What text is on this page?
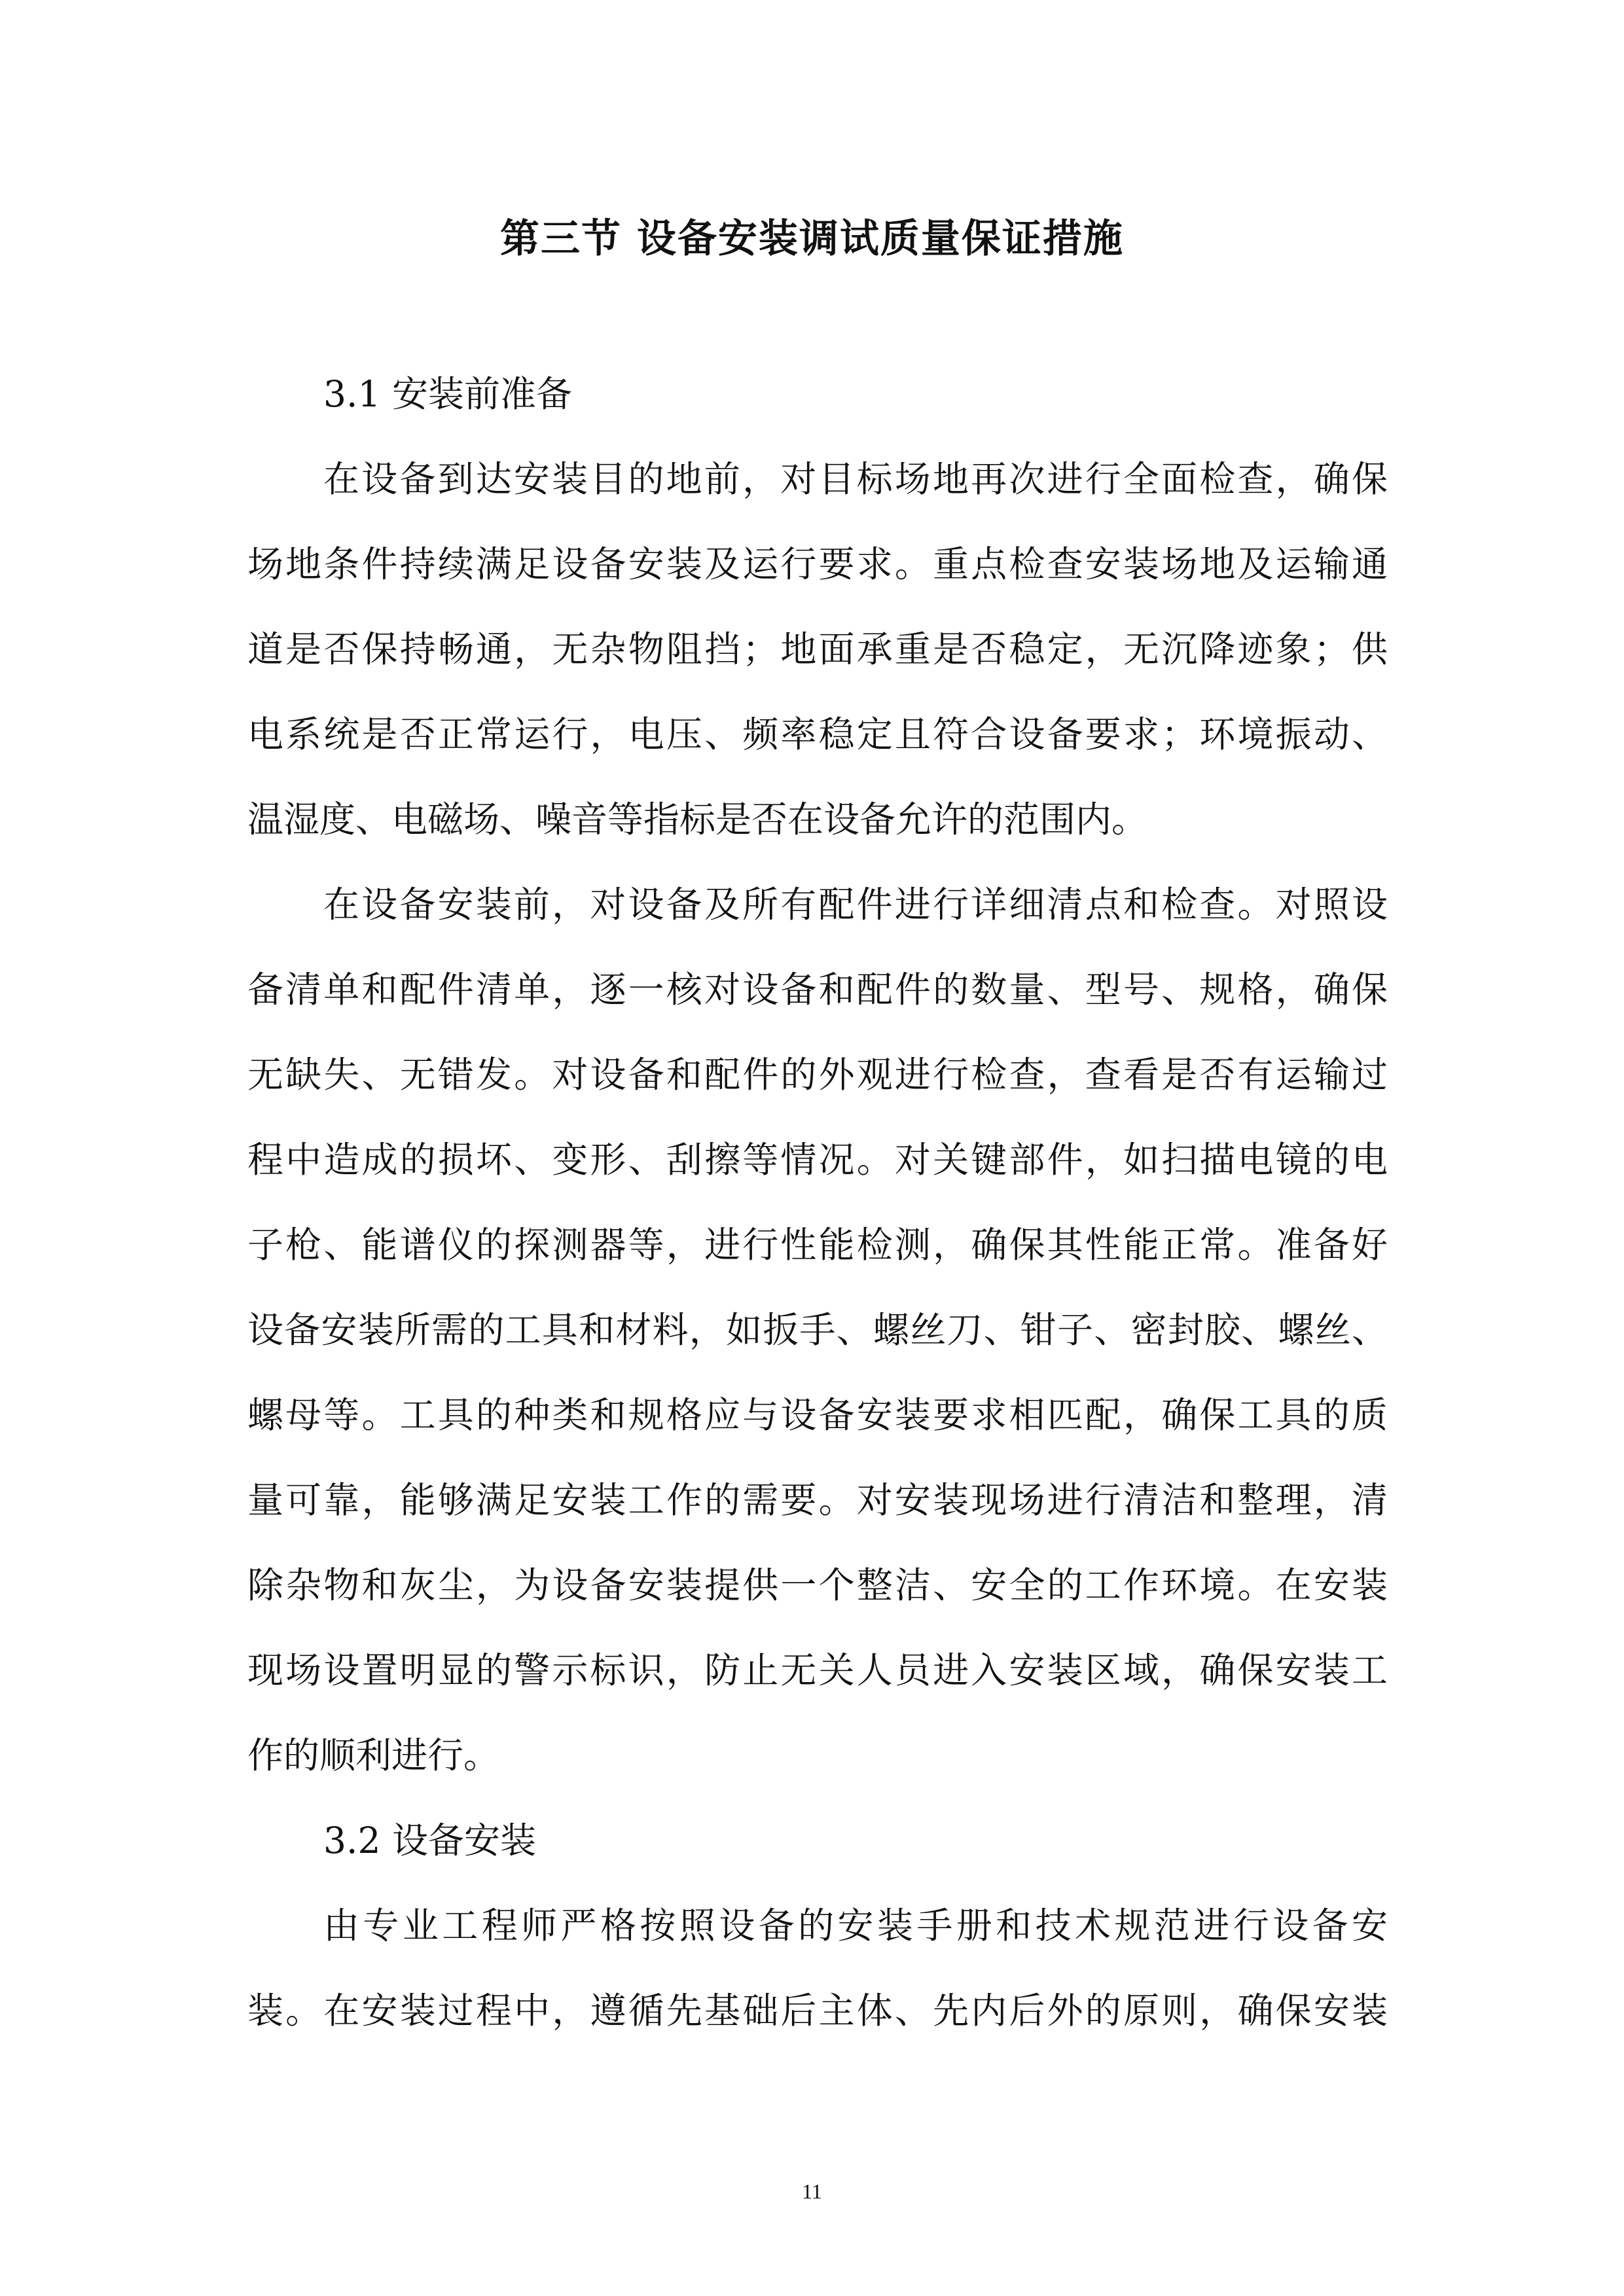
第三节 设备安装调试质量保证措施
3.1 安装前准备
在设备到达安装目的地前，对目标场地再次进行全面检查，确保
场地条件持续满足设备安装及运行要求。重点检查安装场地及运输通
道是否保持畅通，无杂物阻挡；地面承重是否稳定，无沉降迹象；供
电系统是否正常运行，电压、频率稳定且符合设备要求；环境振动、
温湿度、电磁场、噪音等指标是否在设备允许的范围内。
在设备安装前，对设备及所有配件进行详细清点和检查。对照设
备清单和配件清单，逐一核对设备和配件的数量、型号、规格，确保
无缺失、无错发。对设备和配件的外观进行检查，查看是否有运输过
程中造成的损坏、变形、刮擦等情况。对关键部件，如扫描电镜的电
子枪、能谱仪的探测器等，进行性能检测，确保其性能正常。准备好
设备安装所需的工具和材料，如扳手、螺丝刀、钳子、密封胶、螺丝、
螺母等。工具的种类和规格应与设备安装要求相匹配，确保工具的质
量可靠，能够满足安装工作的需要。对安装现场进行清洁和整理，清
除杂物和灰尘，为设备安装提供一个整洁、安全的工作环境。在安装
现场设置明显的警示标识，防止无关人员进入安装区域，确保安装工
作的顺利进行。
3.2 设备安装
由专业工程师严格按照设备的安装手册和技术规范进行设备安
装。在安装过程中，遵循先基础后主体、先内后外的原则，确保安装
11
